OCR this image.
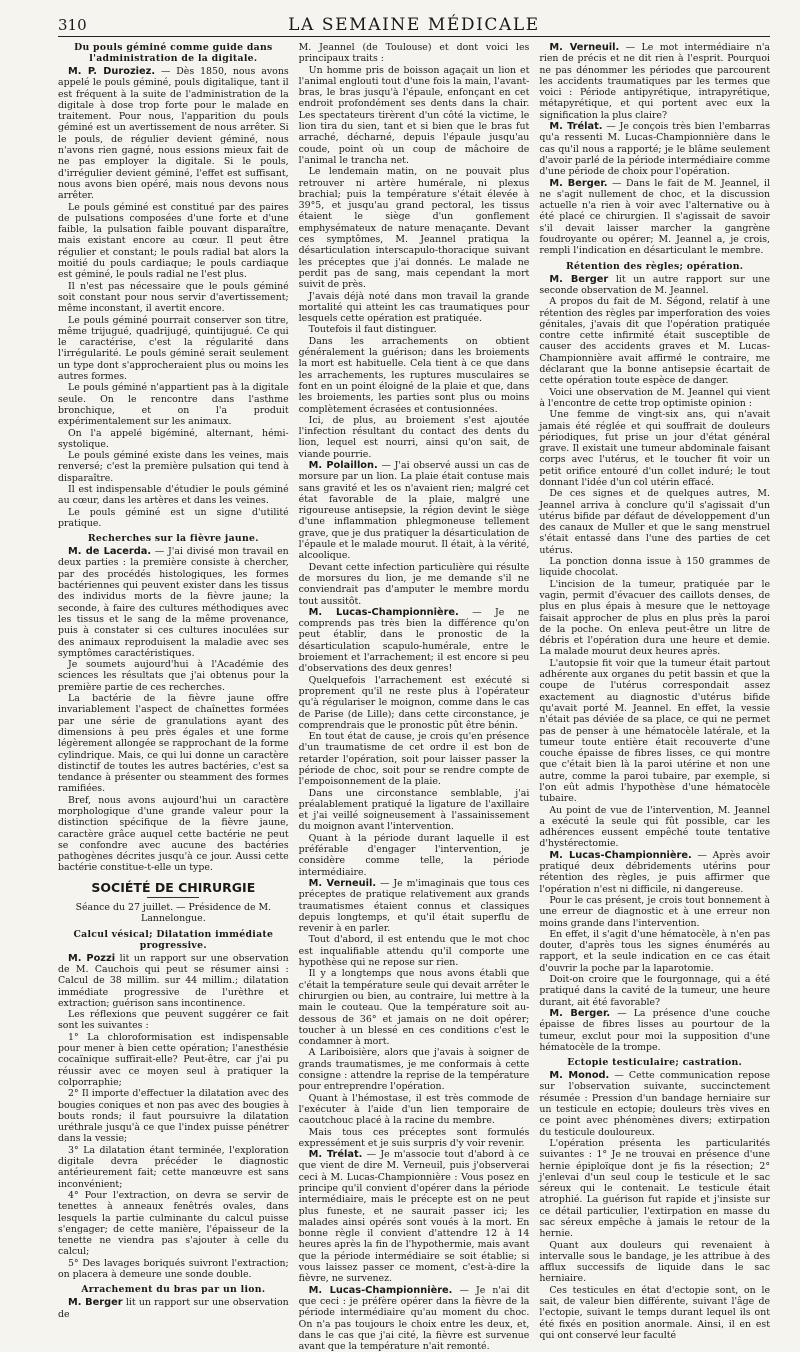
310	LA SEMAINE MÉDICALE
Du pouls géminé comme guide dans l'administration de la digitale.

M. P. Duroziez. — Dès 1850, nous avons appelé le pouls géminé, pouls digitalique, tant il est fréquent à la suite de l'administration de la digitale à dose trop forte pour le malade en traitement. Pour nous, l'apparition du pouls géminé est un avertissement de nous arrêter. Si le pouls, de régulier devient géminé, nous n'avons rien gagné, nous essions mieux fait de ne pas employer la digitale. Si le pouls, d'irrégulier devient géminé, l'effet est suffisant, nous avons bien opéré, mais nous devons nous arrêter.

Le pouls géminé est constitué par des paires de pulsations composées d'une forte et d'une faible, la pulsation faible pouvant disparaître, mais existant encore au cœur. Il peut être régulier et constant; le pouls radial bat alors la moitié du pouls cardiaque; le pouls cardiaque est géminé, le pouls radial ne l'est plus.

Il n'est pas nécessaire que le pouls géminé soit constant pour nous servir d'avertissement; même inconstant, il avertit encore.

Le pouls géminé pourrait conserver son titre, même trijugué, quadrijugé, quintijugué. Ce qui le caractérise, c'est la régularité dans l'irrégularité. Le pouls géminé serait seulement un type dont s'approcheraient plus ou moins les autres formes.

Le pouls géminé n'appartient pas à la digitale seule. On le rencontre dans l'asthme bronchique, et on l'a produit expérimentalement sur les animaux.

On l'a appelé bigéminé, alternant, hémi-systolique.

Le pouls géminé existe dans les veines, mais renversé; c'est la première pulsation qui tend à disparaître.

Il est indispensable d'étudier le pouls géminé au cœur, dans les artères et dans les veines.

Le pouls géminé est un signe d'utilité pratique.

Recherches sur la fièvre jaune.

M. de Lacerda. — J'ai divisé mon travail en deux parties : la première consiste à chercher, par des procédés histologiques, les formes bactériennes qui peuvent exister dans les tissus des individus morts de la fièvre jaune; la seconde, à faire des cultures méthodiques avec les tissus et le sang de la même provenance, puis à constater si ces cultures inoculées sur des animaux reproduisent la maladie avec ses symptômes caractéristiques.

Je soumets aujourd'hui à l'Académie des sciences les résultats que j'ai obtenus pour la première partie de ces recherches.

La bactérie de la fièvre jaune offre invariablement l'aspect de chaînettes formées par une série de granulations ayant des dimensions à peu près égales et une forme légèrement allongée se rapprochant de la forme cylindrique. Mais, ce qui lui donne un caractère distinctif de toutes les autres bactéries, c'est sa tendance à présenter ou steamment des formes ramifiées.

Bref, nous avons aujourd'hui un caractère morphologique d'une grande valeur pour la distinction spécifique de la fièvre jaune, caractère grâce auquel cette bactérie ne peut se confondre avec aucune des bactéries pathogènes décrites jusqu'à ce jour. Aussi cette bactérie constitue-t-elle un type.

SOCIÉTÉ DE CHIRURGIE
Séance du 27 juillet. — Présidence de M. Lannelongue.
Calcul vésical; Dilatation immédiate progressive.

M. Pozzi lit un rapport sur une observation de M. Cauchois qui peut se résumer ainsi : Calcul de 38 millim. sur 44 millim.; dilatation immédiate progressive de l'urèthre et extraction; guérison sans incontinence.

Les réflexions que peuvent suggérer ce fait sont les suivantes :

1° La chloroformisation est indispensable pour mener à bien cette opération; l'anesthésie cocaïnique suffirait-elle? Peut-être, car j'ai pu réussir avec ce moyen seul à pratiquer la colporraphie;

2° Il importe d'effectuer la dilatation avec des bougies coniques et non pas avec des bougies à bouts ronds; il faut poursuivre la dilatation uréthrale jusqu'à ce que l'index puisse pénétrer dans la vessie;

3° La dilatation étant terminée, l'exploration digitale devra précéder le diagnostic antérieurement fait; cette manœuvre est sans inconvénient;

4° Pour l'extraction, on devra se servir de tenettes à anneaux fenêtrés ovales, dans lesquels la partie culminante du calcul puisse s'engager; de cette manière, l'épaisseur de la tenette ne viendra pas s'ajouter à celle du calcul;

5° Des lavages boriqués suivront l'extraction; on placera à demeure une sonde double.

Arrachement du bras par un lion.

M. Berger lit un rapport sur une observation de

M. Jeannel (de Toulouse) et dont voici les principaux traits :

Un homme pris de boisson agaçait un lion et l'animal englouti tout d'une fois la main, l'avant-bras, le bras jusqu'à l'épaule, enfonçant en cet endroit profondément ses dents dans la chair. Les spectateurs tirèrent d'un côté la victime, le lion tira du sien, tant et si bien que le bras fut arraché, décharné, depuis l'épaule jusqu'au coude, point où un coup de mâchoire de l'animal le trancha net.

Le lendemain matin, on ne pouvait plus retrouver ni artère humérale, ni plexus brachial; puis la température s'était élevée à 39°5, et jusqu'au grand pectoral, les tissus étaient le siège d'un gonflement emphysémateux de nature menaçante. Devant ces symptômes, M. Jeannel pratiqua la désarticulation interscapulo-thoracique suivant les préceptes que j'ai donnés. Le malade ne perdit pas de sang, mais cependant la mort suivit de près.

J'avais déjà noté dans mon travail la grande mortalité qui atteint les cas traumatiques pour lesquels cette opération est pratiquée.

Toutefois il faut distinguer.

Dans les arrachements on obtient généralement la guérison; dans les broiements la mort est habituelle. Cela tient à ce que dans les arrachements, les ruptures musculaires se font en un point éloigné de la plaie et que, dans les broiements, les parties sont plus ou moins complètement écrasées et contusionnées.

Ici, de plus, au broiement s'est ajoutée l'infection résultant du contact des dents du lion, lequel est nourri, ainsi qu'on sait, de viande pourrie.

M. Polaillon. — J'ai observé aussi un cas de morsure par un lion. La plaie était contuse mais sans gravité et les os n'avaient rien; malgré cet état favorable de la plaie, malgré une rigoureuse antisepsie, la région devint le siège d'une inflammation phlegmoneuse tellement grave, que je dus pratiquer la désarticulation de l'épaule et le malade mourut. Il était, à la vérité, alcoolique.

Devant cette infection particulière qui résulte de morsures du lion, je me demande s'il ne conviendrait pas d'amputer le membre mordu tout aussitôt.

M. Lucas-Championnière. — Je ne comprends pas très bien la différence qu'on peut établir, dans le pronostic de la désarticulation scapulo-humérale, entre le broiement et l'arrachement; il est encore si peu d'observations des deux genres!

Quelquefois l'arrachement est exécuté si proprement qu'il ne reste plus à l'opérateur qu'à régulariser le moignon, comme dans le cas de Parise (de Lille); dans cette circonstance, je comprendrais que le pronostic pût être bénin.

En tout état de cause, je crois qu'en présence d'un traumatisme de cet ordre il est bon de retarder l'opération, soit pour laisser passer la période de choc, soit pour se rendre compte de l'empoisonnement de la plaie.

Dans une circonstance semblable, j'ai préalablement pratiqué la ligature de l'axillaire et j'ai veillé soigneusement à l'assainissement du moignon avant l'intervention.

Quant à la période durant laquelle il est préférable d'engager l'intervention, je considère comme telle, la période intermédiaire.

M. Verneuil. — Je m'imaginais que tous ces préceptes de pratique relativement aux grands traumatismes étaient connus et classiques depuis longtemps, et qu'il était superflu de revenir à en parler.

Tout d'abord, il est entendu que le mot choc est inqualifiable attendu qu'il comporte une hypothèse qui ne repose sur rien.

Il y a longtemps que nous avons établi que c'était la température seule qui devait arrêter le chirurgien ou bien, au contraire, lui mettre à la main le couteau. Que la température soit au-dessous de 36° et jamais on ne doit opérer; toucher à un blessé en ces conditions c'est le condamner à mort.

A Lariboisière, alors que j'avais à soigner de grands traumatismes, je me conformais à cette consigne : attendre la reprise de la température pour entreprendre l'opération.

Quant à l'hémostase, il est très commode de l'exécuter à l'aide d'un lien temporaire de caoutchouc placé à la racine du membre.

Mais tous ces préceptes sont formulés expressément et je suis surpris d'y voir revenir.

M. Trélat. — Je m'associe tout d'abord à ce que vient de dire M. Verneuil, puis j'observerai ceci à M. Lucas-Championnière : Vous posez en principe qu'il convient d'opérer dans la période intermédiaire, mais le précepte est on ne peut plus funeste, et ne saurait passer ici; les malades ainsi opérés sont voués à la mort. En bonne règle il convient d'attendre 12 à 14 heures après la fin de l'hypothermie, mais avant que la période intermédiaire se soit établie; si vous laissez passer ce moment, c'est-à-dire la fièvre, ne survenez.

M. Lucas-Championnière. — Je n'ai dit que ceci : je préfère opérer dans la fièvre de la période intermédiaire qu'au moment du choc. On n'a pas toujours le choix entre les deux, et, dans le cas que j'ai cité, la fièvre est survenue avant que la température n'ait remonté.

M. Verneuil. — Le mot intermédiaire n'a rien de précis et ne dit rien à l'esprit. Pourquoi ne pas dénommer les périodes que parcourent les accidents traumatiques par les termes que voici : Période antipyrétique, intrapyrétique, métapyrétique, et qui portent avec eux la signification la plus claire?

M. Trélat. — Je conçois très bien l'embarras qu'a ressenti M. Lucas-Championnière dans le cas qu'il nous a rapporté; je le blâme seulement d'avoir parlé de la période intermédiaire comme d'une période de choix pour l'opération.

M. Berger. — Dans le fait de M. Jeannel, il ne s'agit nullement de choc, et la discussion actuelle n'a rien à voir avec l'alternative ou à été placé ce chirurgien. Il s'agissait de savoir s'il devait laisser marcher la gangrène foudroyante ou opérer; M. Jeannel a, je crois, rempli l'indication en désarticulant le membre.

Rétention des règles; opération.

M. Berger lit un autre rapport sur une seconde observation de M. Jeannel.

A propos du fait de M. Ségond, relatif à une rétention des règles par imperforation des voies génitales, j'avais dit que l'opération pratiquée contre cette infirmité était susceptible de causer des accidents graves et M. Lucas-Championnière avait affirmé le contraire, me déclarant que la bonne antisepsie écartait de cette opération toute espèce de danger.

Voici une observation de M. Jeannel qui vient à l'encontre de cette trop optimiste opinion :

Une femme de vingt-six ans, qui n'avait jamais été réglée et qui souffrait de douleurs périodiques, fut prise un jour d'état général grave. Il existait une tumeur abdominale faisant corps avec l'utérus, et le toucher fit voir un petit orifice entouré d'un collet induré; le tout donnant l'idée d'un col utérin effacé.

De ces signes et de quelques autres, M. Jeannel arriva à conclure qu'il s'agissait d'un utérus bifide par défaut de développement d'un des canaux de Muller et que le sang menstruel s'était entassé dans l'une des parties de cet utérus.

La ponction donna issue à 150 grammes de liquide chocolat.

L'incision de la tumeur, pratiquée par le vagin, permit d'évacuer des caillots denses, de plus en plus épais à mesure que le nettoyage faisait approcher de plus en plus près la paroi de la poche. On enleva peut-être un litre de débris et l'opération dura une heure et demie. La malade mourut deux heures après.

L'autopsie fit voir que la tumeur était partout adhérente aux organes du petit bassin et que la coupe de l'utérus correspondait assez exactement au diagnostic d'utérus bifide qu'avait porté M. Jeannel. En effet, la vessie n'était pas déviée de sa place, ce qui ne permet pas de penser à une hématocèle latérale, et la tumeur toute entière était recouverte d'une couche épaisse de fibres lisses, ce qui montre que c'était bien là la paroi utérine et non une autre, comme la paroi tubaire, par exemple, si l'on eût admis l'hypothèse d'une hématocèle tubaire.

Au point de vue de l'intervention, M. Jeannel a exécuté la seule qui fût possible, car les adhérences eussent empêché toute tentative d'hystérectomie.

M. Lucas-Championnière. — Après avoir pratiqué deux débridements utérins pour rétention des règles, je puis affirmer que l'opération n'est ni difficile, ni dangereuse.

Pour le cas présent, je crois tout bonnement à une erreur de diagnostic et à une erreur non moins grande dans l'intervention.

En effet, il s'agit d'une hématocèle, à n'en pas douter, d'après tous les signes énumérés au rapport, et la seule indication en ce cas était d'ouvrir la poche par la laparotomie.

Doit-on croire que le fourgonnage, qui a été pratiqué dans la cavité de la tumeur, une heure durant, ait été favorable?

M. Berger. — La présence d'une couche épaisse de fibres lisses au pourtour de la tumeur, exclut pour moi la supposition d'une hématocèle de la trompe.

Ectopie testiculaire; castration.

M. Monod. — Cette communication repose sur l'observation suivante, succinctement résumée : Pression d'un bandage herniaire sur un testicule en ectopie; douleurs très vives en ce point avec phénomènes divers; extirpation du testicule douloureux.

L'opération présenta les particularités suivantes : 1° Je ne trouvai en présence d'une hernie épiploïque dont je fis la résection; 2° j'enlevai d'un seul coup le testicule et le sac séreux qui le contenait. Le testicule était atrophié. La guérison fut rapide et j'insiste sur ce détail particulier, l'extirpation en masse du sac séreux empêche à jamais le retour de la hernie.

Quant aux douleurs qui revenaient à intervalle sous le bandage, je les attribue à des afflux successifs de liquide dans le sac herniaire.

Ces testicules en état d'ectopie sont, on le sait, de valeur bien différente, suivant l'âge de l'ectopie, suivant le temps durant lequel ils ont été fixés en position anormale. Ainsi, il en est qui ont conservé leur faculté
